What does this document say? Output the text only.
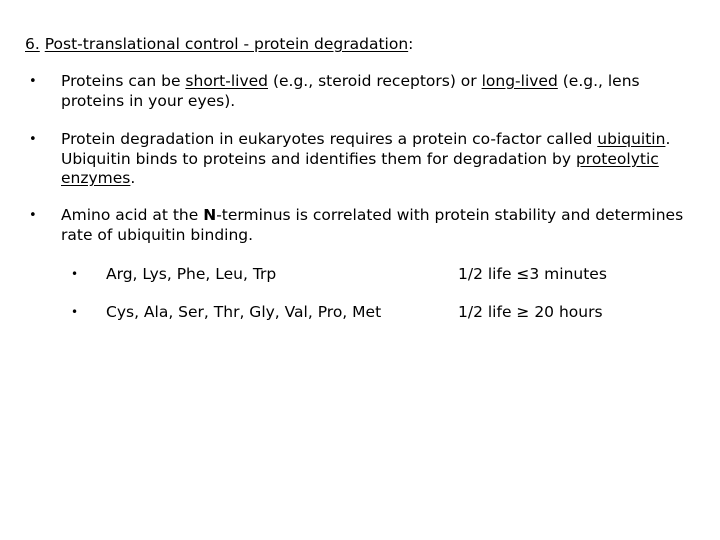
6. Post-translational control - protein degradation:
• Proteins can be short-lived (e.g., steroid receptors) or long-lived (e.g., lens proteins in your eyes).
• Protein degradation in eukaryotes requires a protein co-factor called ubiquitin. Ubiquitin binds to proteins and identifies them for degradation by proteolytic enzymes.
• Amino acid at the N-terminus is correlated with protein stability and determines rate of ubiquitin binding.
• Arg, Lys, Phe, Leu, Trp	1/2 life ≤3 minutes
• Cys, Ala, Ser, Thr, Gly, Val, Pro, Met	1/2 life ≥ 20 hours
